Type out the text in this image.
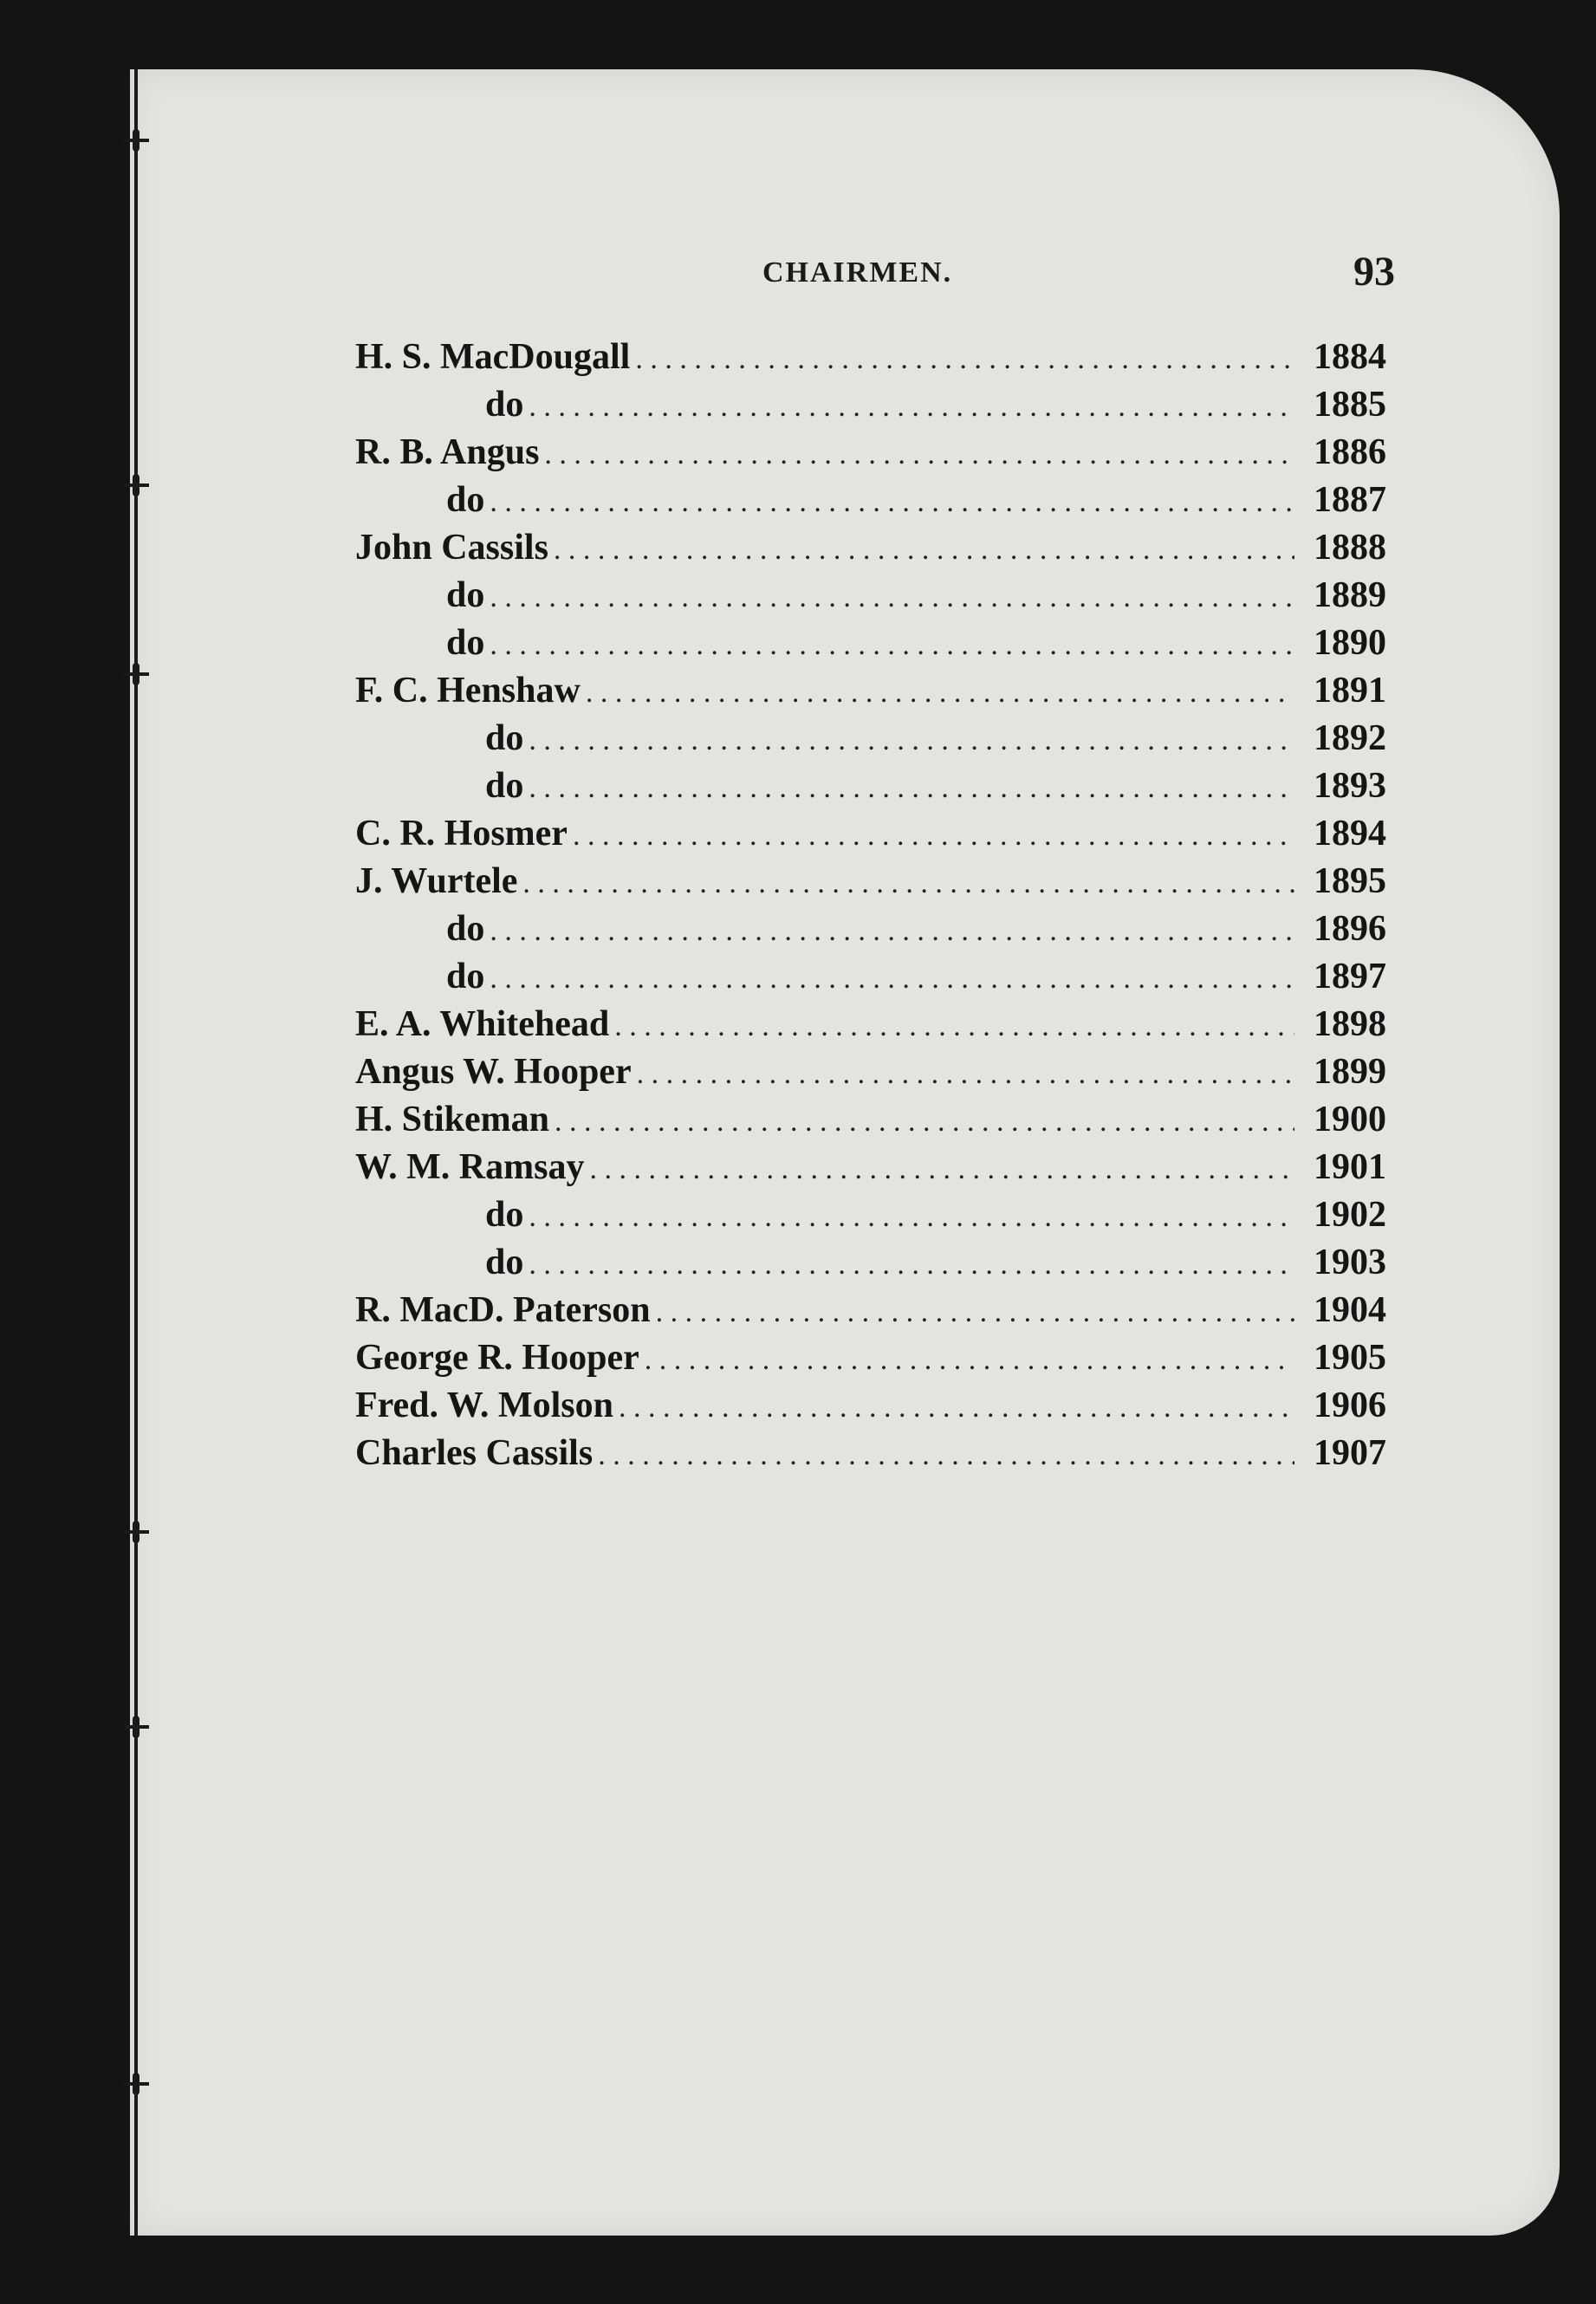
CHAIRMEN.	93
H. S. MacDougall . . .	1884
do . . .	1885
R. B. Angus . . .	1886
do . . .	1887
John Cassils . . .	1888
do . . .	1889
do . . .	1890
F. C. Henshaw . . .	1891
do . . .	1892
do . . .	1893
C. R. Hosmer . . .	1894
J. Wurtele . . .	1895
do . . .	1896
do . . .	1897
E. A. Whitehead . . .	1898
Angus W. Hooper . . .	1899
H. Stikeman . . .	1900
W. M. Ramsay . . .	1901
do . . .	1902
do . . .	1903
R. MacD. Paterson . . .	1904
George R. Hooper . . .	1905
Fred. W. Molson . . .	1906
Charles Cassils . . .	1907
